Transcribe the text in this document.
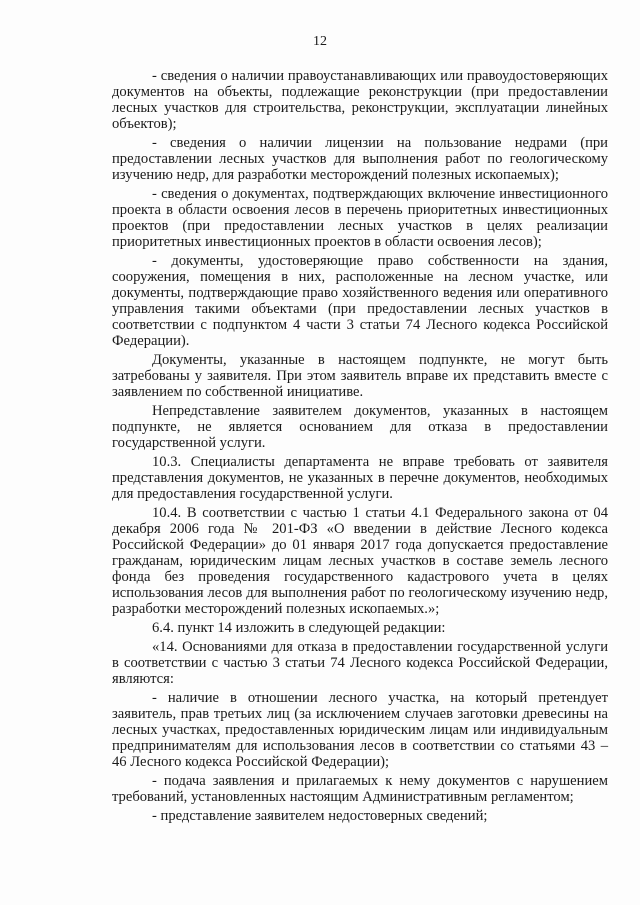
12

- сведения о наличии правоустанавливающих или правоудостоверяющих документов на объекты, подлежащие реконструкции (при предоставлении лесных участков для строительства, реконструкции, эксплуатации линейных объектов);

- сведения о наличии лицензии на пользование недрами (при предоставлении лесных участков для выполнения работ по геологическому изучению недр, для разработки месторождений полезных ископаемых);

- сведения о документах, подтверждающих включение инвестиционного проекта в области освоения лесов в перечень приоритетных инвестиционных проектов (при предоставлении лесных участков в целях реализации приоритетных инвестиционных проектов в области освоения лесов);

- документы, удостоверяющие право собственности на здания, сооружения, помещения в них, расположенные на лесном участке, или документы, подтверждающие право хозяйственного ведения или оперативного управления такими объектами (при предоставлении лесных участков в соответствии с подпунктом 4 части 3 статьи 74 Лесного кодекса Российской Федерации).

Документы, указанные в настоящем подпункте, не могут быть затребованы у заявителя. При этом заявитель вправе их представить вместе с заявлением по собственной инициативе.

Непредставление заявителем документов, указанных в настоящем подпункте, не является основанием для отказа в предоставлении государственной услуги.

10.3. Специалисты департамента не вправе требовать от заявителя представления документов, не указанных в перечне документов, необходимых для предоставления государственной услуги.

10.4. В соответствии с частью 1 статьи 4.1 Федерального закона от 04 декабря 2006 года № 201-ФЗ «О введении в действие Лесного кодекса Российской Федерации» до 01 января 2017 года допускается предоставление гражданам, юридическим лицам лесных участков в составе земель лесного фонда без проведения государственного кадастрового учета в целях использования лесов для выполнения работ по геологическому изучению недр, разработки месторождений полезных ископаемых.»;

6.4. пункт 14 изложить в следующей редакции:

«14. Основаниями для отказа в предоставлении государственной услуги в соответствии с частью 3 статьи 74 Лесного кодекса Российской Федерации, являются:

- наличие в отношении лесного участка, на который претендует заявитель, прав третьих лиц (за исключением случаев заготовки древесины на лесных участках, предоставленных юридическим лицам или индивидуальным предпринимателям для использования лесов в соответствии со статьями 43 – 46 Лесного кодекса Российской Федерации);

- подача заявления и прилагаемых к нему документов с нарушением требований, установленных настоящим Административным регламентом;

- представление заявителем недостоверных сведений;
